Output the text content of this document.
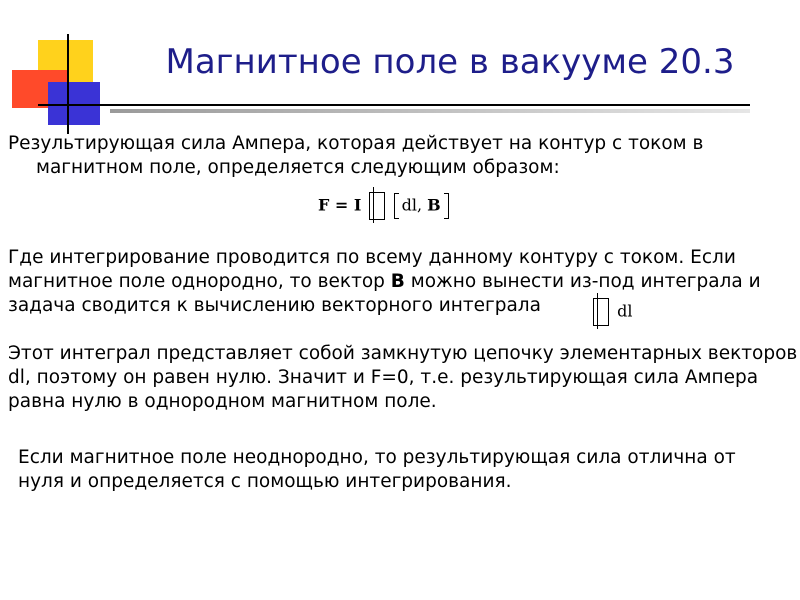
Магнитное поле в вакууме 20.3

Результирующая сила Ампера, которая действует на контур с током в
магнитном поле, определяется следующим образом:

F = I	dl, B

Где интегрирование проводится по всему данному контуру с током. Если магнитное поле однородно, то вектор B можно вынести из-под интеграла и задача сводится к вычислению векторного интеграла	dl

Этот интеграл представляет собой замкнутую цепочку элементарных векторов dl, поэтому он равен нулю. Значит и F=0, т.е. результирующая сила Ампера равна нулю в однородном магнитном поле.

Если магнитное поле неоднородно, то результирующая сила отлична от нуля и определяется с помощью интегрирования.
